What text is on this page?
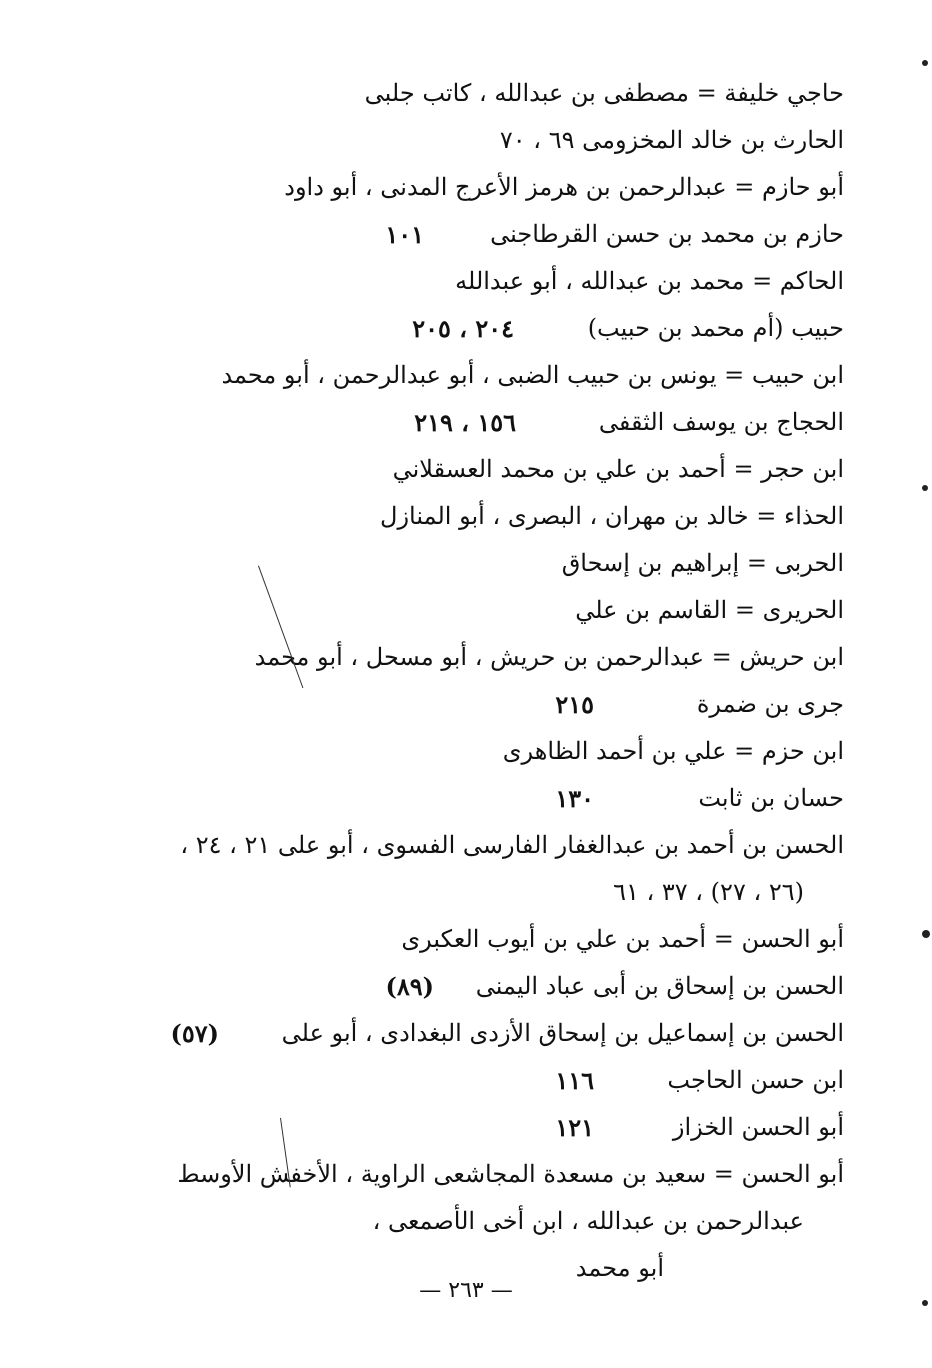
حاجي خليفة = مصطفى بن عبدالله ، كاتب جلبى
الحارث بن خالد المخزومى ٦٩ ، ٧٠
أبو حازم = عبدالرحمن بن هرمز الأعرج المدنى ، أبو داود
حازم بن محمد بن حسن القرطاجنى
١٠١
الحاكم = محمد بن عبدالله ، أبو عبدالله
حبيب (أم محمد بن حبيب)
٢٠٤ ، ٢٠٥
ابن حبيب = يونس بن حبيب الضبى ، أبو عبدالرحمن ، أبو محمد
الحجاج بن يوسف الثقفى
١٥٦ ، ٢١٩
ابن حجر = أحمد بن علي بن محمد العسقلاني
الحذاء = خالد بن مهران ، البصرى ، أبو المنازل
الحربى = إبراهيم بن إسحاق
الحريرى = القاسم بن علي
ابن حريش = عبدالرحمن بن حريش ، أبو مسحل ، أبو محمد
جرى بن ضمرة
٢١٥
ابن حزم = علي بن أحمد الظاهرى
حسان بن ثابت
١٣٠
الحسن بن أحمد بن عبدالغفار الفارسى الفسوى ، أبو على ٢١ ، ٢٤ ،
(٢٦ ، ٢٧) ، ٣٧ ، ٦١
أبو الحسن = أحمد بن علي بن أيوب العكبرى
الحسن بن إسحاق بن أبى عباد اليمنى
(٨٩)
الحسن بن إسماعيل بن إسحاق الأزدى البغدادى ، أبو على
(٥٧)
ابن حسن الحاجب
١١٦
أبو الحسن الخزاز
١٢١
أبو الحسن = سعيد بن مسعدة المجاشعى الراوية ، الأخفش الأوسط
عبدالرحمن بن عبدالله ، ابن أخى الأصمعى ،
أبو محمد
— ٢٦٣ —
